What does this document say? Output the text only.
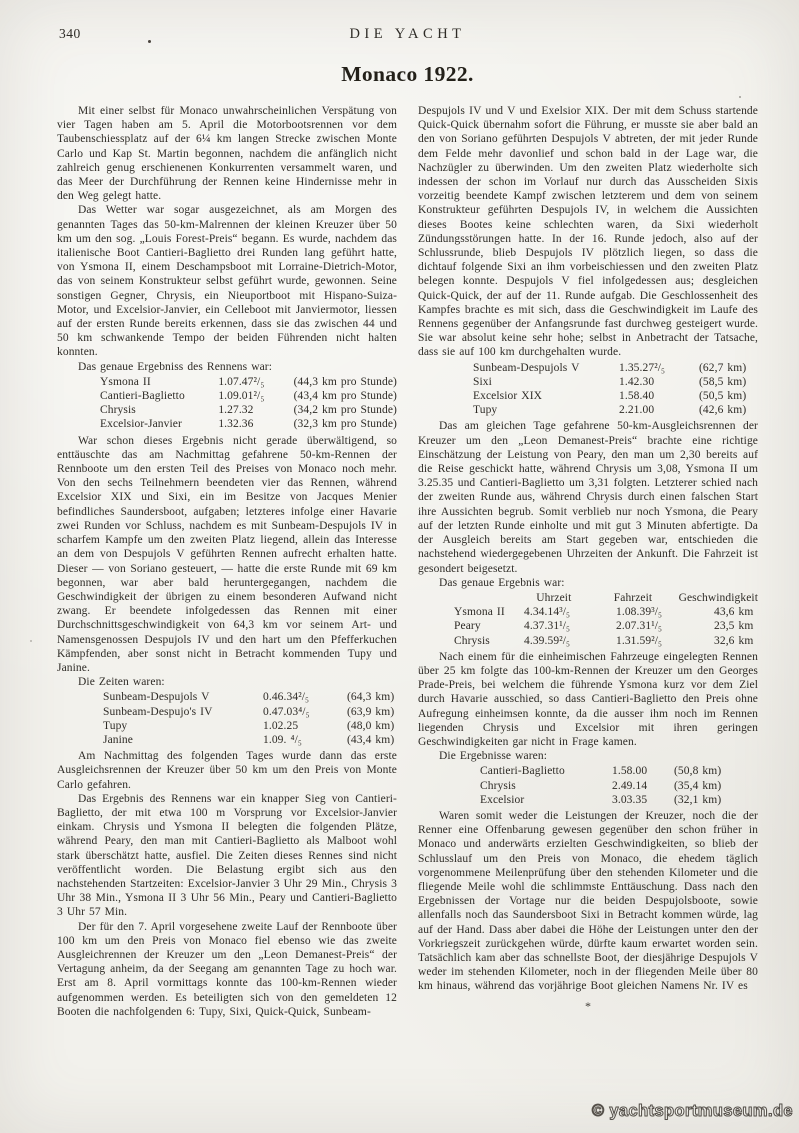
340	DIE YACHT
Monaco 1922.

Mit einer selbst für Monaco unwahrscheinlichen Verspätung von vier Tagen haben am 5. April die Motorbootsrennen vor dem Taubenschiessplatz auf der 6¼ km langen Strecke zwischen Monte Carlo und Kap St. Martin begonnen, nachdem die anfänglich nicht zahlreich genug erschienenen Konkurrenten versammelt waren, und das Meer der Durchführung der Rennen keine Hindernisse mehr in den Weg gelegt hatte.

Das Wetter war sogar ausgezeichnet, als am Morgen des genannten Tages das 50-km-Malrennen der kleinen Kreuzer über 50 km um den sog. „Louis Forest-Preis“ begann. Es wurde, nachdem das italienische Boot Cantieri-Baglietto drei Runden lang geführt hatte, von Ysmona II, einem Deschampsboot mit Lorraine-Dietrich-Motor, das von seinem Konstrukteur selbst geführt wurde, gewonnen. Seine sonstigen Gegner, Chrysis, ein Nieuportboot mit Hispano-Suiza-Motor, und Excelsior-Janvier, ein Celleboot mit Janviermotor, liessen auf der ersten Runde bereits erkennen, dass sie das zwischen 44 und 50 km schwankende Tempo der beiden Führenden nicht halten konnten.

Das genaue Ergebniss des Rennens war:

Ysmona II	1.07.47²/₅	(44,3 km pro Stunde)
Cantieri-Baglietto	1.09.01²/₅	(43,4 km pro Stunde)
Chrysis	1.27.32	(34,2 km pro Stunde)
Excelsior-Janvier	1.32.36	(32,3 km pro Stunde)

War schon dieses Ergebnis nicht gerade überwältigend, so enttäuschte das am Nachmittag gefahrene 50-km-Rennen der Rennboote um den ersten Teil des Preises von Monaco noch mehr. Von den sechs Teilnehmern beendeten vier das Rennen, während Excelsior XIX und Sixi, ein im Besitze von Jacques Menier befindliches Saundersboot, aufgaben; letzteres infolge einer Havarie zwei Runden vor Schluss, nachdem es mit Sunbeam-Despujols IV in scharfem Kampfe um den zweiten Platz liegend, allein das Interesse an dem von Despujols V geführten Rennen aufrecht erhalten hatte. Dieser — von Soriano gesteuert, — hatte die erste Runde mit 69 km begonnen, war aber bald heruntergegangen, nachdem die Geschwindigkeit der übrigen zu einem besonderen Aufwand nicht zwang. Er beendete infolgedessen das Rennen mit einer Durchschnittsgeschwindigkeit von 64,3 km vor seinem Art- und Namensgenossen Despujols IV und den hart um den Pfefferkuchen Kämpfenden, aber sonst nicht in Betracht kommenden Tupy und Janine.

Die Zeiten waren:

Sunbeam-Despujols V	0.46.34²/₅	(64,3 km)
Sunbeam-Despujo's IV	0.47.03⁴/₅	(63,9 km)
Tupy	1.02.25	(48,0 km)
Janine	1.09. ⁴/₅	(43,4 km)

Am Nachmittag des folgenden Tages wurde dann das erste Ausgleichsrennen der Kreuzer über 50 km um den Preis von Monte Carlo gefahren.

Das Ergebnis des Rennens war ein knapper Sieg von Cantieri-Baglietto, der mit etwa 100 m Vorsprung vor Excelsior-Janvier einkam. Chrysis und Ysmona II belegten die folgenden Plätze, während Peary, den man mit Cantieri-Baglietto als Malboot wohl stark überschätzt hatte, ausfiel. Die Zeiten dieses Rennes sind nicht veröffentlicht worden. Die Belastung ergibt sich aus den nachstehenden Startzeiten: Excelsior-Janvier 3 Uhr 29 Min., Chrysis 3 Uhr 38 Min., Ysmona II 3 Uhr 56 Min., Peary und Cantieri-Baglietto 3 Uhr 57 Min.

Der für den 7. April vorgesehene zweite Lauf der Rennboote über 100 km um den Preis von Monaco fiel ebenso wie das zweite Ausgleichrennen der Kreuzer um den „Leon Demanest-Preis“ der Vertagung anheim, da der Seegang am genannten Tage zu hoch war. Erst am 8. April vormittags konnte das 100-km-Rennen wieder aufgenommen werden. Es beteiligten sich von den gemeldeten 12 Booten die nachfolgenden 6: Tupy, Sixi, Quick-Quick, Sunbeam-

Despujols IV und V und Exelsior XIX. Der mit dem Schuss startende Quick-Quick übernahm sofort die Führung, er musste sie aber bald an den von Soriano geführten Despujols V abtreten, der mit jeder Runde dem Felde mehr davonlief und schon bald in der Lage war, die Nachzügler zu überwinden. Um den zweiten Platz wiederholte sich indessen der schon im Vorlauf nur durch das Ausscheiden Sixis vorzeitig beendete Kampf zwischen letzterem und dem von seinem Konstrukteur geführten Despujols IV, in welchem die Aussichten dieses Bootes keine schlechten waren, da Sixi wiederholt Zündungsstörungen hatte. In der 16. Runde jedoch, also auf der Schlussrunde, blieb Despujols IV plötzlich liegen, so dass die dichtauf folgende Sixi an ihm vorbeischiessen und den zweiten Platz belegen konnte. Despujols V fiel infolgedessen aus; desgleichen Quick-Quick, der auf der 11. Runde aufgab. Die Geschlossenheit des Kampfes brachte es mit sich, dass die Geschwindigkeit im Laufe des Rennens gegenüber der Anfangsrunde fast durchweg gesteigert wurde. Sie war absolut keine sehr hohe; selbst in Anbetracht der Tatsache, dass sie auf 100 km durchgehalten wurde.

Sunbeam-Despujols V	1.35.27²/₅	(62,7 km)
Sixi	1.42.30	(58,5 km)
Excelsior XIX	1.58.40	(50,5 km)
Tupy	2.21.00	(42,6 km)

Das am gleichen Tage gefahrene 50-km-Ausgleichsrennen der Kreuzer um den „Leon Demanest-Preis“ brachte eine richtige Einschätzung der Leistung von Peary, den man um 2,30 bereits auf die Reise geschickt hatte, während Chrysis um 3,08, Ysmona II um 3.25.35 und Cantieri-Baglietto um 3,31 folgten. Letzterer schied nach der zweiten Runde aus, während Chrysis durch einen falschen Start ihre Aussichten begrub. Somit verblieb nur noch Ysmona, die Peary auf der letzten Runde einholte und mit gut 3 Minuten abfertigte. Da der Ausgleich bereits am Start gegeben war, entschieden die nachstehend wiedergegebenen Uhrzeiten der Ankunft. Die Fahrzeit ist gesondert beigesetzt.

Das genaue Ergebnis war:

Uhrzeit	Fahrzeit	Geschwindigkeit
Ysmona II	4.34.14³/₅	1.08.39³/₅	43,6 km
Peary	4.37.31¹/₅	2.07.31¹/₅	23,5 km
Chrysis	4.39.59²/₅	1.31.59²/₅	32,6 km

Nach einem für die einheimischen Fahrzeuge eingelegten Rennen über 25 km folgte das 100-km-Rennen der Kreuzer um den Georges Prade-Preis, bei welchem die führende Ysmona kurz vor dem Ziel durch Havarie ausschied, so dass Cantieri-Baglietto den Preis ohne Aufregung einheimsen konnte, da die ausser ihm noch im Rennen liegenden Chrysis und Excelsior mit ihren geringen Geschwindigkeiten gar nicht in Frage kamen.

Die Ergebnisse waren:

Cantieri-Baglietto	1.58.00	(50,8 km)
Chrysis	2.49.14	(35,4 km)
Excelsior	3.03.35	(32,1 km)

Waren somit weder die Leistungen der Kreuzer, noch die der Renner eine Offenbarung gewesen gegenüber den schon früher in Monaco und anderwärts erzielten Geschwindigkeiten, so blieb der Schlusslauf um den Preis von Monaco, die ehedem täglich vorgenommene Meilenprüfung über den stehenden Kilometer und die fliegende Meile wohl die schlimmste Enttäuschung. Dass nach den Ergebnissen der Vortage nur die beiden Despujolsboote, sowie allenfalls noch das Saundersboot Sixi in Betracht kommen würde, lag auf der Hand. Dass aber dabei die Höhe der Leistungen unter den der Vorkriegszeit zurückgehen würde, dürfte kaum erwartet worden sein. Tatsächlich kam aber das schnellste Boot, der diesjährige Despujols V weder im stehenden Kilometer, noch in der fliegenden Meile über 80 km hinaus, während das vorjährige Boot gleichen Namens Nr. IV es

*
© yachtsportmuseum.de
